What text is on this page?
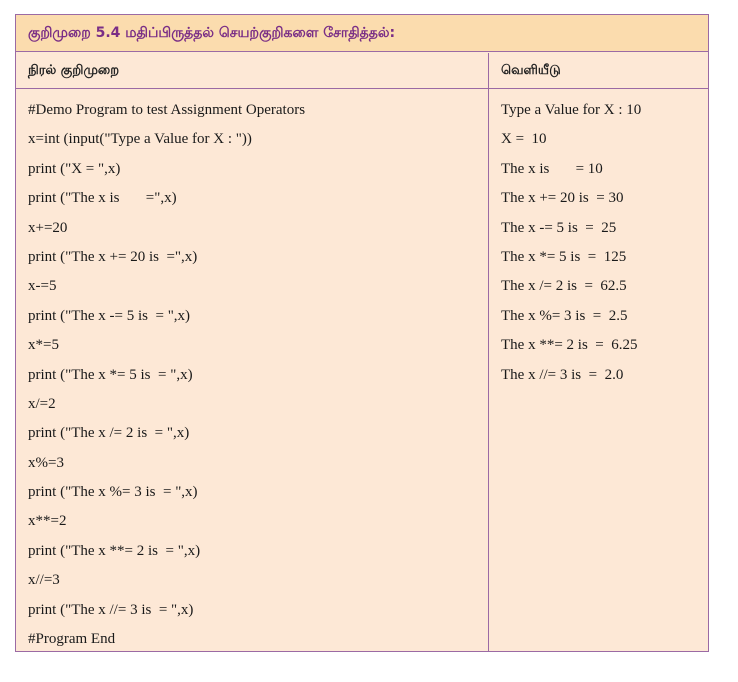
குறிமுறை 5.4 மதிப்பிருத்தல் செயற்குறிகளை சோதித்தல்:
நிரல் குறிமுறை	வெளியீடு
#Demo Program to test Assignment Operators
x=int (input("Type a Value for X : "))
print ("X = ",x)
print ("The x is       =",x)
x+=20
print ("The x += 20 is  =",x)
x-=5
print ("The x -= 5 is  = ",x)
x*=5
print ("The x *= 5 is  = ",x)
x/=2
print ("The x /= 2 is  = ",x)
x%=3
print ("The x %= 3 is  = ",x)
x**=2
print ("The x **= 2 is  = ",x)
x//=3
print ("The x //= 3 is  = ",x)
#Program End
Type a Value for X : 10
X =  10
The x is       = 10
The x += 20 is  = 30
The x -= 5 is  =  25
The x *= 5 is  =  125
The x /= 2 is  =  62.5
The x %= 3 is  =  2.5
The x **= 2 is  =  6.25
The x //= 3 is  =  2.0
